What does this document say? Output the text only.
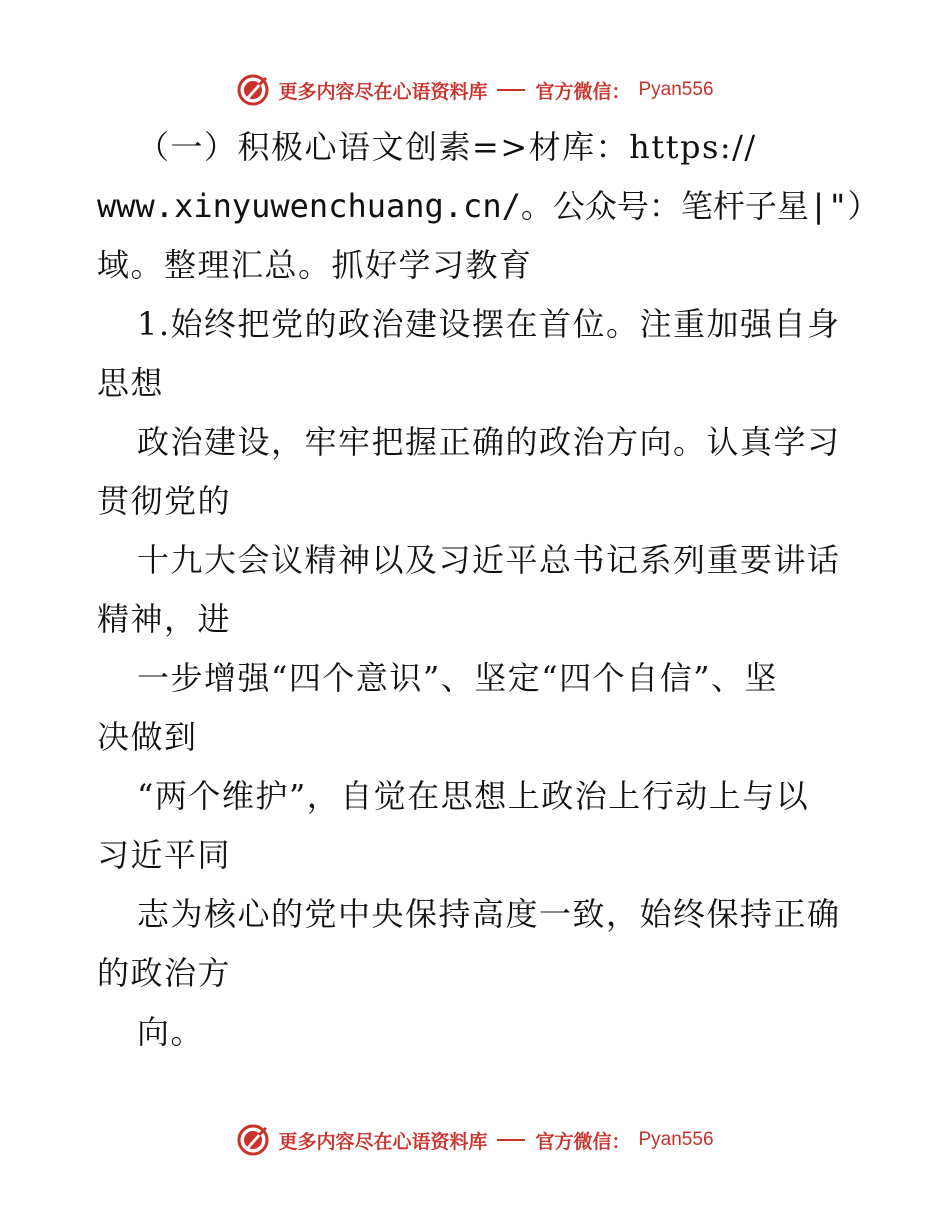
更多内容尽在心语资料库	官方微信： Pyan556
（一）积极心语文创素=>材库：https://
www.xinyuwenchuang.cn/。公众号：笔杆子星|"）
域。整理汇总。抓好学习教育
1.始终把党的政治建设摆在首位。注重加强自身
思想
政治建设，牢牢把握正确的政治方向。认真学习
贯彻党的
十九大会议精神以及习近平总书记系列重要讲话
精神，进
一步增强“四个意识”、坚定“四个自信”、坚
决做到
“两个维护”，自觉在思想上政治上行动上与以
习近平同
志为核心的党中央保持高度一致，始终保持正确
的政治方
向。
更多内容尽在心语资料库	官方微信： Pyan556
